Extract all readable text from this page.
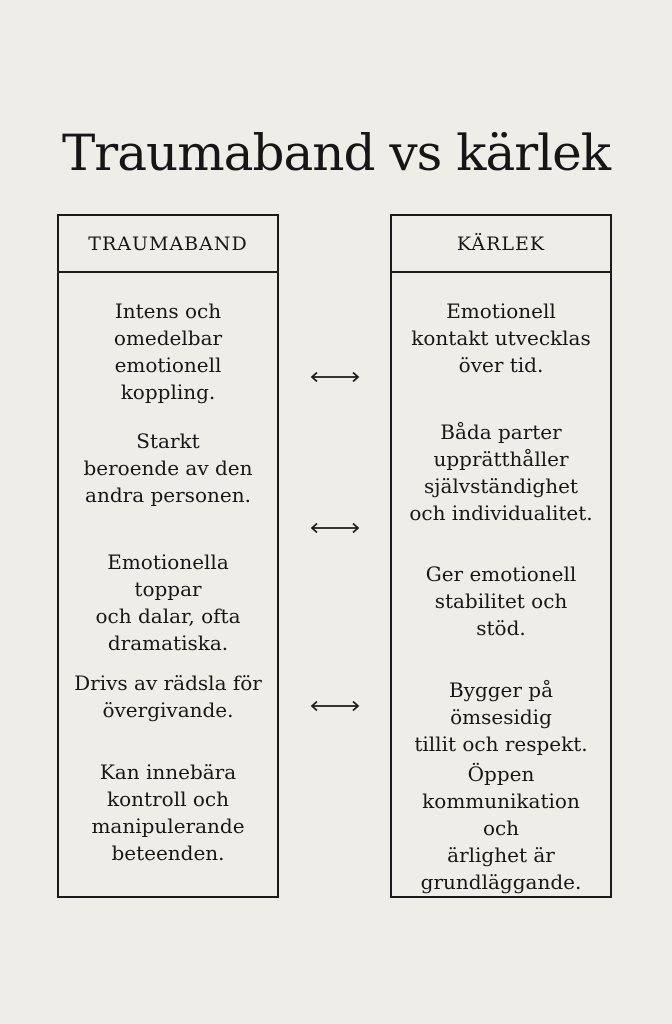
Traumaband vs kärlek
TRAUMABAND
Intens och
omedelbar
emotionell
koppling.
Starkt
beroende av den
andra personen.
Emotionella toppar
och dalar, ofta
dramatiska.
Drivs av rädsla för
övergivande.
Kan innebära
kontroll och
manipulerande
beteenden.
KÄRLEK
Emotionell
kontakt utvecklas
över tid.
Båda parter
upprätthåller
självständighet
och individualitet.
Ger emotionell
stabilitet och
stöd.
Bygger på ömsesidig
tillit och respekt.
Öppen
kommunikation och
ärlighet är
grundläggande.
